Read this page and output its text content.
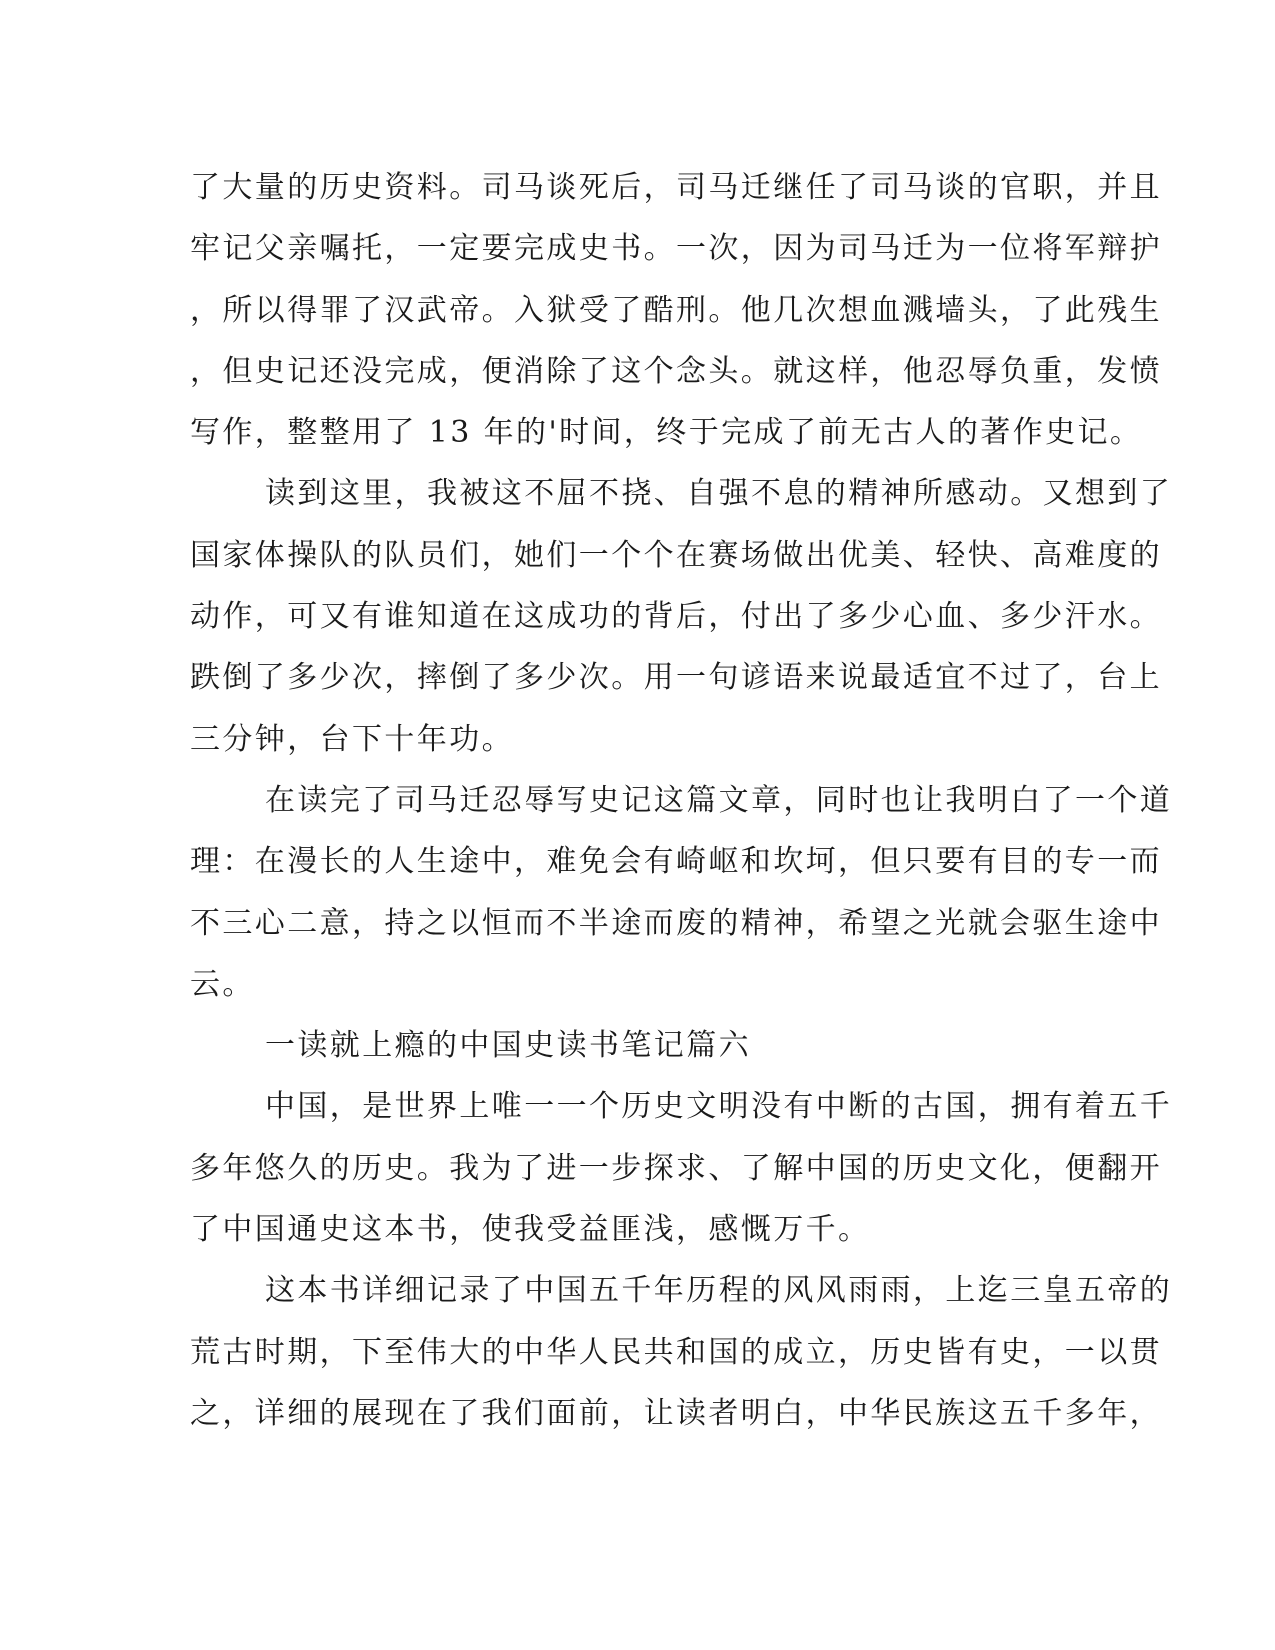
了大量的历史资料。司马谈死后，司马迁继任了司马谈的官职，并且
牢记父亲嘱托，一定要完成史书。一次，因为司马迁为一位将军辩护
，所以得罪了汉武帝。入狱受了酷刑。他几次想血溅墙头，了此残生
，但史记还没完成，便消除了这个念头。就这样，他忍辱负重，发愤
写作，整整用了 13 年的'时间，终于完成了前无古人的著作史记。
读到这里，我被这不屈不挠、自强不息的精神所感动。又想到了
国家体操队的队员们，她们一个个在赛场做出优美、轻快、高难度的
动作，可又有谁知道在这成功的背后，付出了多少心血、多少汗水。
跌倒了多少次，摔倒了多少次。用一句谚语来说最适宜不过了，台上
三分钟，台下十年功。
在读完了司马迁忍辱写史记这篇文章，同时也让我明白了一个道
理：在漫长的人生途中，难免会有崎岖和坎坷，但只要有目的专一而
不三心二意，持之以恒而不半途而废的精神，希望之光就会驱生途中
云。
一读就上瘾的中国史读书笔记篇六
中国，是世界上唯一一个历史文明没有中断的古国，拥有着五千
多年悠久的历史。我为了进一步探求、了解中国的历史文化，便翻开
了中国通史这本书，使我受益匪浅，感慨万千。
这本书详细记录了中国五千年历程的风风雨雨，上迄三皇五帝的
荒古时期，下至伟大的中华人民共和国的成立，历史皆有史，一以贯
之，详细的展现在了我们面前，让读者明白，中华民族这五千多年，
